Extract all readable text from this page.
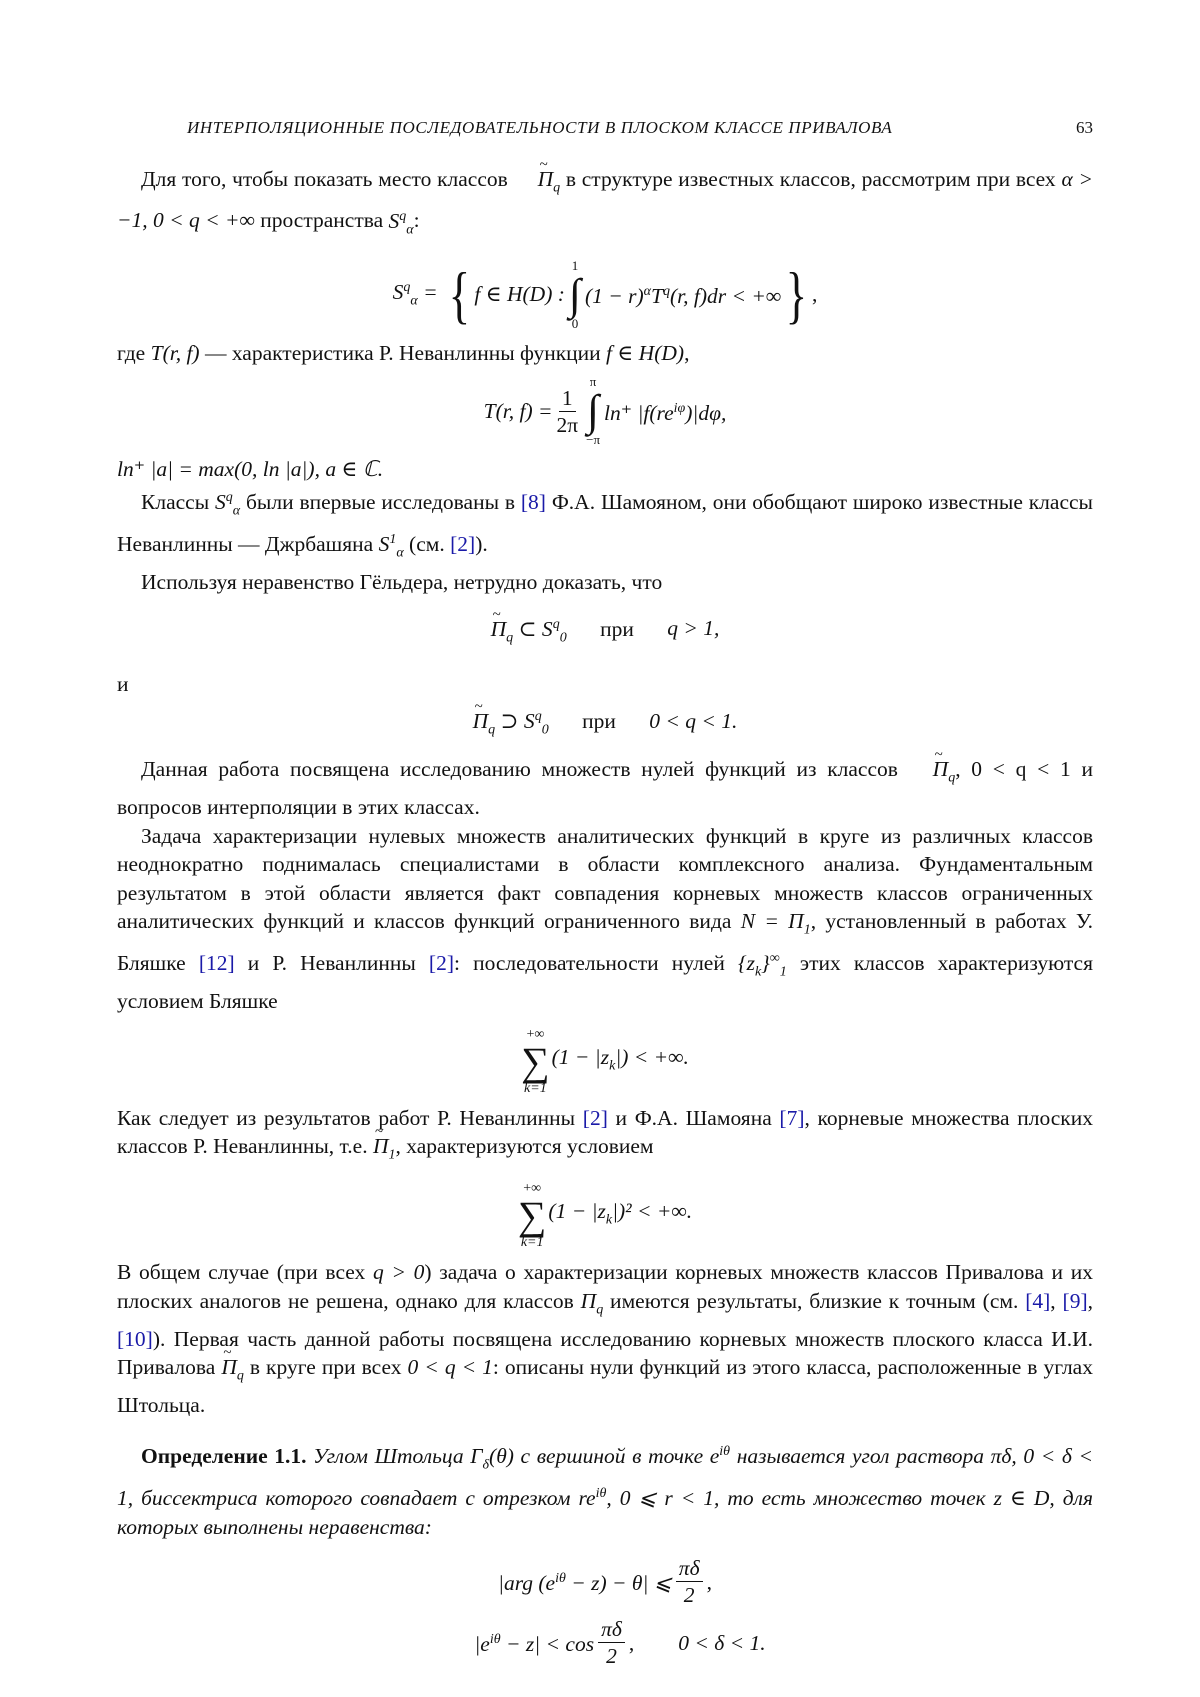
ИНТЕРПОЛЯЦИОННЫЕ ПОСЛЕДОВАТЕЛЬНОСТИ В ПЛОСКОМ КЛАССЕ ПРИВАЛОВА	63

Для того, чтобы показать место классов ~ $\Pi_q$ в структуре известных классов, рассмотрим при всех α > −1, 0 < q < +∞ пространства $S^q_\alpha$:

$S^q_\alpha$ = { f ∈ H(D) :
1
∫
0
$(1 - r)^\alpha T^q(r$, f)dr < +∞ } ,

где T(r, f) — характеристика Р. Неванлинны функции f ∈ H(D),

T(r, $f) = \frac{1}{2\pi}$
π
∫
−π
ln⁺ $|f(re^{i\varphi})|d\varphi$,

ln⁺ |a| = max(0, ln |a|), a ∈ ℂ.

Классы $S^q_\alpha$ были впервые исследованы в [8] Ф.А. Шамояном, они обобщают широко известные классы Неванлинны — Джрбашяна $S^1_\alpha$ (см. [2]).

Используя неравенство Гёльдера, нетрудно доказать, что

~ $\Pi_q$ ⊂ $S^q_0$ при q > 1,

и

~ $\Pi_q$ ⊃ $S^q_0$ при 0 < q < 1.

Данная работа посвящена исследованию множеств нулей функций из классов ~ $\Pi_q$, 0 < q < 1 и вопросов интерполяции в этих классах.

Задача характеризации нулевых множеств аналитических функций в круге из различных классов неоднократно поднималась специалистами в области комплексного анализа. Фундаментальным результатом в этой области является факт совпадения корневых множеств классов ограниченных аналитических функций и классов функций ограниченного вида $N = \Pi_1$, установленный в работах У. Бляшке [12] и Р. Неванлинны [2]: последовательности нулей $\{z_k\}^\infty_1$ этих классов характеризуются условием Бляшке

+∞
∑
k=1
$(1 - |z_k|)$ < +∞.

Как следует из результатов работ Р. Неванлинны [2] и Ф.А. Шамояна [7], корневые множества плоских классов Р. Неванлинны, т.е. ~ $\Pi_1$, характеризуются условием

+∞
∑
k=1
$(1 - |z_k|)^2$ < +∞.

В общем случае (при всех q > 0) задача о характеризации корневых множеств классов Привалова и их плоских аналогов не решена, однако для классов $\Pi_q$ имеются результаты, близкие к точным (см. [4], [9], [10]). Первая часть данной работы посвящена исследованию корневых множеств плоского класса И.И. Привалова ~ $\Pi_q$ в круге при всех 0 < q < 1: описаны нули функций из этого класса, расположенные в углах Штольца.

Определение 1.1. Углом Штольца $\Gamma_\delta(\theta)$ с вершиной в точке $e^{i\theta}$ называется угол раствора πδ, 0 < δ < 1, биссектриса которого совпадает с отрезком $re^{i\theta}$, 0 ⩽ r < 1, то есть множество точек z ∈ D, для которых выполнены неравенства:

|arg $(e^{i\theta} - z) - \theta|$ ⩽ $\frac{\pi\delta}{2}$ ,
$|e^{i\theta} - z| < \cos \frac{\pi\delta}{2}$ , 0 < δ < 1.
